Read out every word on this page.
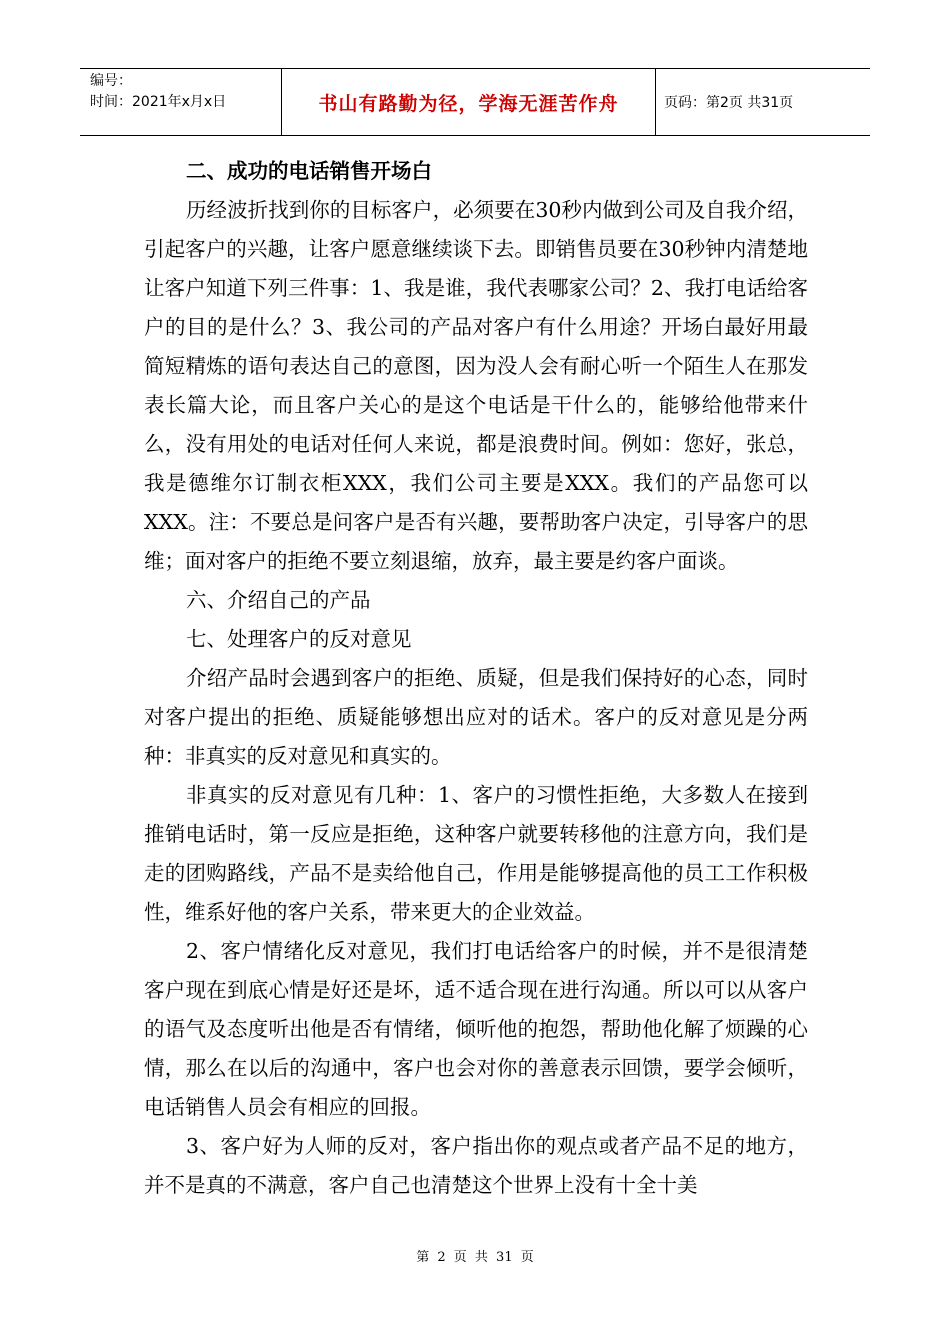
编号：
时间：2021年x月x日	书山有路勤为径，学海无涯苦作舟	页码：第2页 共31页

二、成功的电话销售开场白

历经波折找到你的目标客户，必须要在30秒内做到公司及自我介绍，引起客户的兴趣，让客户愿意继续谈下去。即销售员要在30秒钟内清楚地让客户知道下列三件事：1、我是谁，我代表哪家公司？2、我打电话给客户的目的是什么？3、我公司的产品对客户有什么用途？开场白最好用最简短精炼的语句表达自己的意图，因为没人会有耐心听一个陌生人在那发表长篇大论，而且客户关心的是这个电话是干什么的，能够给他带来什么，没有用处的电话对任何人来说，都是浪费时间。例如：您好，张总，我是德维尔订制衣柜XXX，我们公司主要是XXX。我们的产品您可以XXX。注：不要总是问客户是否有兴趣，要帮助客户决定，引导客户的思维；面对客户的拒绝不要立刻退缩，放弃，最主要是约客户面谈。

六、介绍自己的产品

七、处理客户的反对意见

介绍产品时会遇到客户的拒绝、质疑，但是我们保持好的心态，同时对客户提出的拒绝、质疑能够想出应对的话术。客户的反对意见是分两种：非真实的反对意见和真实的。

非真实的反对意见有几种：1、客户的习惯性拒绝，大多数人在接到推销电话时，第一反应是拒绝，这种客户就要转移他的注意方向，我们是走的团购路线，产品不是卖给他自己，作用是能够提高他的员工工作积极性，维系好他的客户关系，带来更大的企业效益。

2、客户情绪化反对意见，我们打电话给客户的时候，并不是很清楚客户现在到底心情是好还是坏，适不适合现在进行沟通。所以可以从客户的语气及态度听出他是否有情绪，倾听他的抱怨，帮助他化解了烦躁的心情，那么在以后的沟通中，客户也会对你的善意表示回馈，要学会倾听，电话销售人员会有相应的回报。

3、客户好为人师的反对，客户指出你的观点或者产品不足的地方，并不是真的不满意，客户自己也清楚这个世界上没有十全十美

第 2 页 共 31 页
